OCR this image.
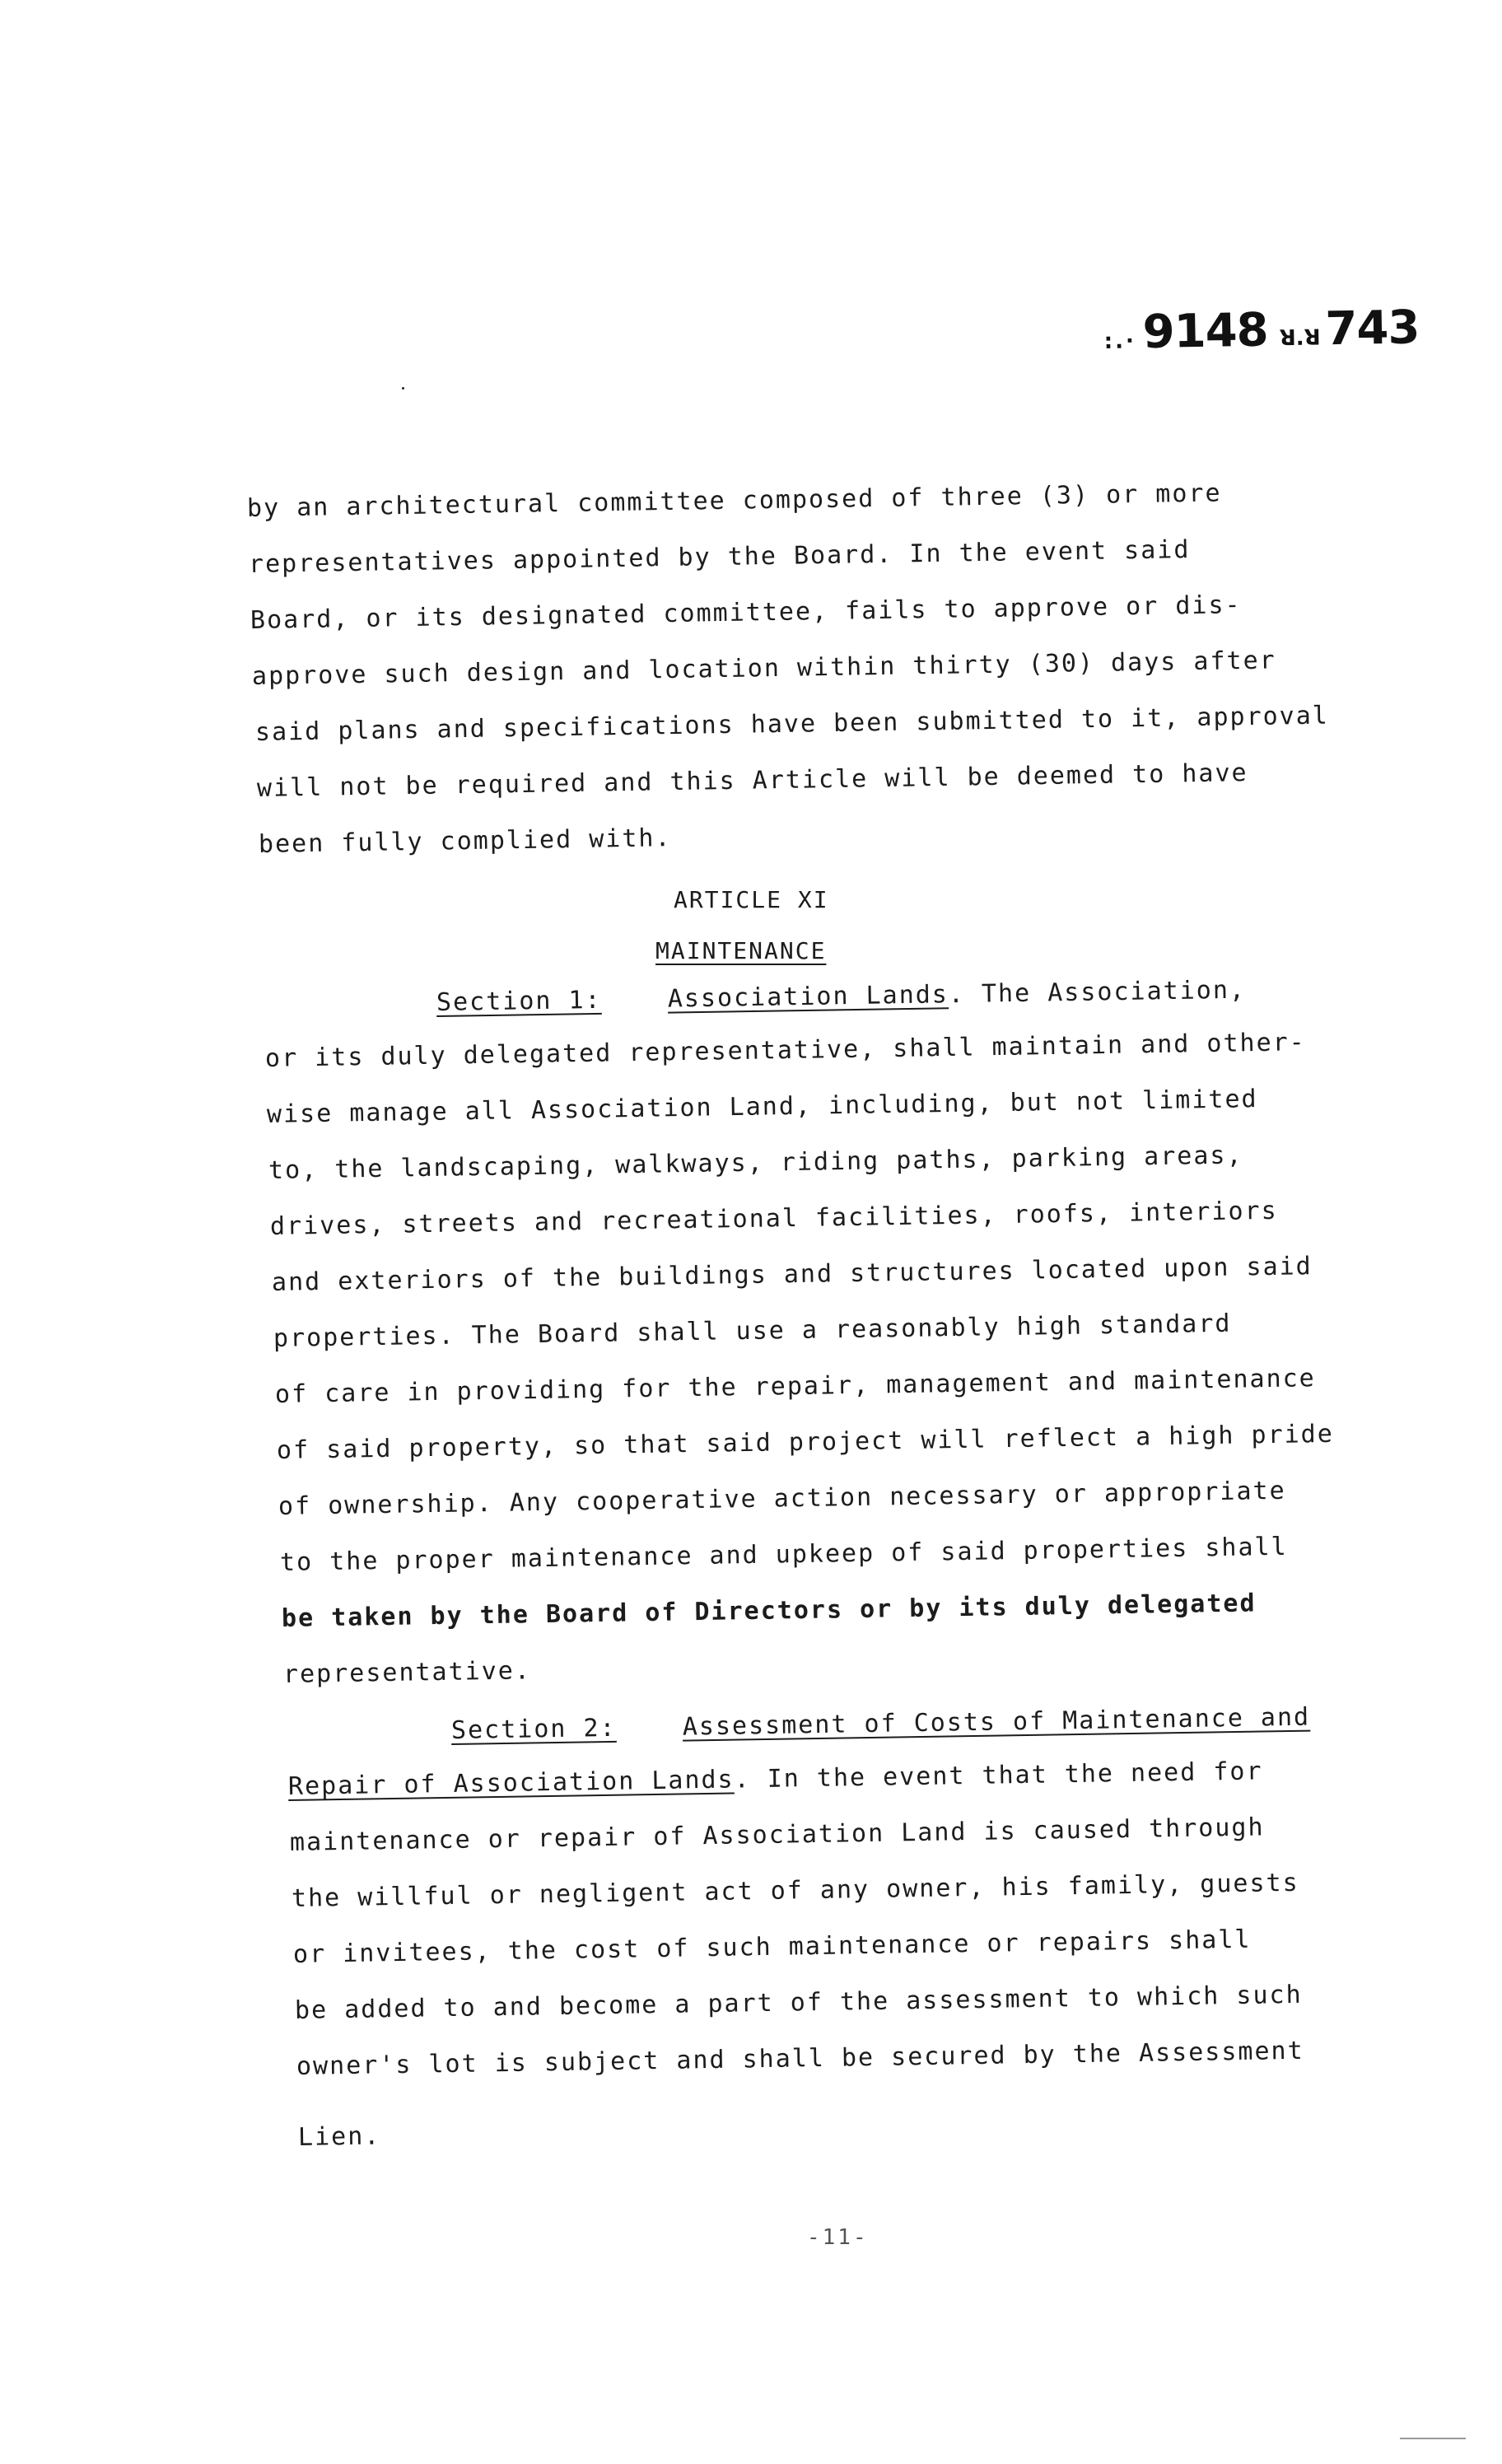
:.· 9148 ꓤ.ꓤ 743
by an architectural committee composed of three (3) or more
representatives appointed by the Board. In the event said
Board, or its designated committee, fails to approve or dis-
approve such design and location within thirty (30) days after
said plans and specifications have been submitted to it, approval
will not be required and this Article will be deemed to have
been fully complied with.
ARTICLE XI
MAINTENANCE
Section 1:	Association Lands. The Association,
or its duly delegated representative, shall maintain and other-
wise manage all Association Land, including, but not limited
to, the landscaping, walkways, riding paths, parking areas,
drives, streets and recreational facilities, roofs, interiors
and exteriors of the buildings and structures located upon said
properties. The Board shall use a reasonably high standard
of care in providing for the repair, management and maintenance
of said property, so that said project will reflect a high pride
of ownership. Any cooperative action necessary or appropriate
to the proper maintenance and upkeep of said properties shall
be taken by the Board of Directors or by its duly delegated
representative.
Section 2:	Assessment of Costs of Maintenance and
Repair of Association Lands. In the event that the need for
maintenance or repair of Association Land is caused through
the willful or negligent act of any owner, his family, guests
or invitees, the cost of such maintenance or repairs shall
be added to and become a part of the assessment to which such
owner's lot is subject and shall be secured by the Assessment
Lien.
-11-
